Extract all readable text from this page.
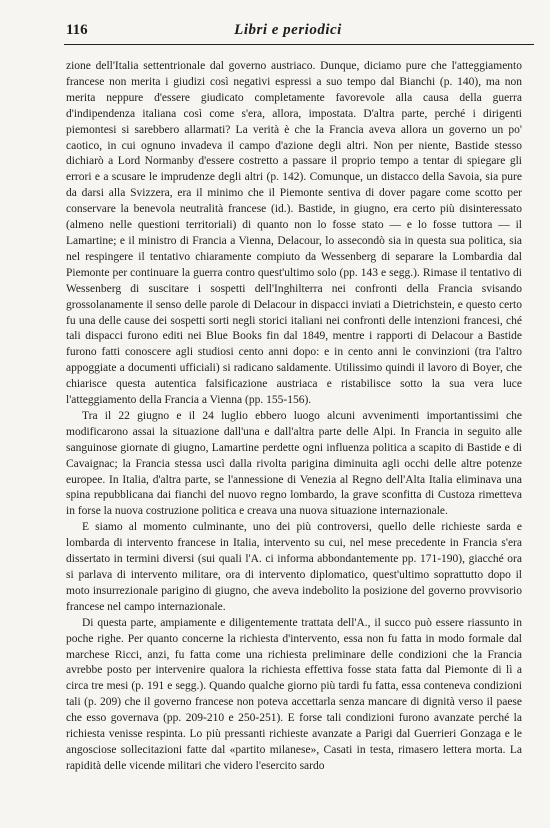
116	Libri e periodici

zione dell'Italia settentrionale dal governo austriaco. Dunque, diciamo pure che l'atteggiamento francese non merita i giudizi così negativi espressi a suo tempo dal Bianchi (p. 140), ma non merita neppure d'essere giudicato completamente favorevole alla causa della guerra d'indipendenza italiana così come s'era, allora, impostata. D'altra parte, perché i dirigenti piemontesi si sarebbero allarmati? La verità è che la Francia aveva allora un governo un po' caotico, in cui ognuno invadeva il campo d'azione degli altri. Non per niente, Bastide stesso dichiarò a Lord Normanby d'essere costretto a passare il proprio tempo a tentar di spiegare gli errori e a scusare le imprudenze degli altri (p. 142). Comunque, un distacco della Savoia, sia pure da darsi alla Svizzera, era il minimo che il Piemonte sentiva di dover pagare come scotto per conservare la benevola neutralità francese (id.). Bastide, in giugno, era certo più disinteressato (almeno nelle questioni territoriali) di quanto non lo fosse stato — e lo fosse tuttora — il Lamartine; e il ministro di Francia a Vienna, Delacour, lo assecondò sia in questa sua politica, sia nel respingere il tentativo chiaramente compiuto da Wessenberg di separare la Lombardia dal Piemonte per continuare la guerra contro quest'ultimo solo (pp. 143 e segg.). Rimase il tentativo di Wessenberg di suscitare i sospetti dell'Inghilterra nei confronti della Francia svisando grossolanamente il senso delle parole di Delacour in dispacci inviati a Dietrichstein, e questo certo fu una delle cause dei sospetti sorti negli storici italiani nei confronti delle intenzioni francesi, ché tali dispacci furono editi nei Blue Books fin dal 1849, mentre i rapporti di Delacour a Bastide furono fatti conoscere agli studiosi cento anni dopo: e in cento anni le convinzioni (tra l'altro appoggiate a documenti ufficiali) si radicano saldamente. Utilissimo quindi il lavoro di Boyer, che chiarisce questa autentica falsificazione austriaca e ristabilisce sotto la sua vera luce l'atteggiamento della Francia a Vienna (pp. 155-156).

Tra il 22 giugno e il 24 luglio ebbero luogo alcuni avvenimenti importantissimi che modificarono assai la situazione dall'una e dall'altra parte delle Alpi. In Francia in seguito alle sanguinose giornate di giugno, Lamartine perdette ogni influenza politica a scapito di Bastide e di Cavaignac; la Francia stessa uscì dalla rivolta parigina diminuita agli occhi delle altre potenze europee. In Italia, d'altra parte, se l'annessione di Venezia al Regno dell'Alta Italia eliminava una spina repubblicana dai fianchi del nuovo regno lombardo, la grave sconfitta di Custoza rimetteva in forse la nuova costruzione politica e creava una nuova situazione internazionale.

E siamo al momento culminante, uno dei più controversi, quello delle richieste sarda e lombarda di intervento francese in Italia, intervento su cui, nel mese precedente in Francia s'era dissertato in termini diversi (sui quali l'A. ci informa abbondantemente pp. 171-190), giacché ora si parlava di intervento militare, ora di intervento diplomatico, quest'ultimo soprattutto dopo il moto insurrezionale parigino di giugno, che aveva indebolito la posizione del governo provvisorio francese nel campo internazionale.

Di questa parte, ampiamente e diligentemente trattata dell'A., il succo può essere riassunto in poche righe. Per quanto concerne la richiesta d'intervento, essa non fu fatta in modo formale dal marchese Ricci, anzi, fu fatta come una richiesta preliminare delle condizioni che la Francia avrebbe posto per intervenire qualora la richiesta effettiva fosse stata fatta dal Piemonte di lì a circa tre mesi (p. 191 e segg.). Quando qualche giorno più tardi fu fatta, essa conteneva condizioni tali (p. 209) che il governo francese non poteva accettarla senza mancare di dignità verso il paese che esso governava (pp. 209-210 e 250-251). E forse tali condizioni furono avanzate perché la richiesta venisse respinta. Lo più pressanti richieste avanzate a Parigi dal Guerrieri Gonzaga e le angosciose sollecitazioni fatte dal «partito milanese», Casati in testa, rimasero lettera morta. La rapidità delle vicende militari che videro l'esercito sardo
